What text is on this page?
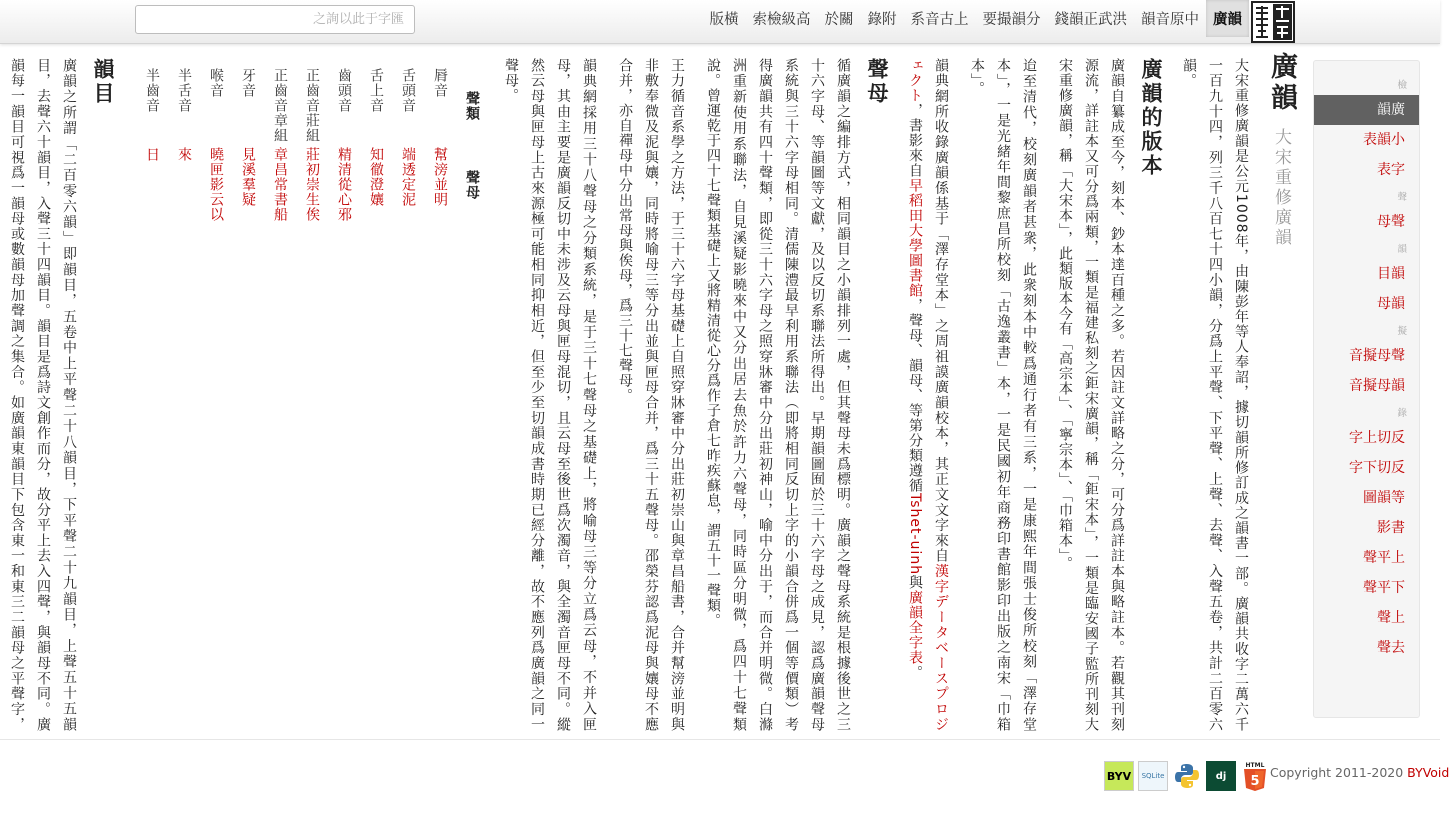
之詢以此于字匯
廣韻
韻音原中
錢韻正武洪
要撮韻分
系音古上
錄附
於關
索檢級高
版橫
檢
韻廣
表韻小
表字
聲
母聲
韻
目韻
母韻
擬
音擬母聲
音擬母韻
錄
字上切反
字下切反
圖韻等
影書
聲平上
聲平下
聲上
聲去
廣韻大宋重修廣韻

大宋重修廣韻是公元1008年，由陳彭年等人奉詔，據切韻所修訂成之韻書一部。廣韻共收字二萬六千一百九十四，列三千八百七十四小韻，分爲上平聲、下平聲、上聲、去聲、入聲五卷，共計二百零六韻。

廣韻的版本

廣韻自纂成至今，刻本、鈔本達百種之多。若因註文詳略之分，可分爲詳註本與略註本。若觀其刊刻源流，詳註本又可分爲兩類，一類是福建私刻之鉅宋廣韻，稱「鉅宋本」，一類是臨安國子監所刊刻大宋重修廣韻，稱「大宋本」，此類版本今有「高宗本」、「寧宗本」、「巾箱本」。

迨至清代，校刻廣韻者甚衆，此衆刻本中較爲通行者有三系，一是康熙年間張士俊所校刻「澤存堂本」，一是光緒年間黎庶昌所校刻「古逸叢書」本，一是民國初年商務印書館影印出版之南宋「巾箱本」。

韻典網所收錄廣韻係基于「澤存堂本」之周祖謨廣韻校本，其正文文字來自漢字データベースプロジェクト，書影來自早稻田大學圖書館，聲母、韻母、等第分類遵循Tshet-uinh與廣韻全字表。

聲母

循廣韻之編排方式，相同韻目之小韻排列一處，但其聲母未爲標明。廣韻之聲母系統是根據後世之三十六字母、等韻圖等文獻，及以反切系聯法所得出。早期韻圖囿於三十六字母之成見，認爲廣韻聲母系統與三十六字母相同。清儒陳澧最早利用系聯法（即將相同反切上字的小韻合併爲一個等價類）考得廣韻共有四十聲類，即從三十六字母之照穿牀審中分出莊初神山，喻中分出于，而合并明微。白滌洲重新使用系聯法，自見溪疑影曉來中又分出居去魚於許力六聲母，同時區分明微，爲四十七聲類說。曾運乾于四十七聲類基礎上又將精清從心分爲作子倉七昨疾蘇息，謂五十一聲類。

王力循音系學之方法，于三十六字母基礎上自照穿牀審中分出莊初崇山與章昌船書，合并幫滂並明與非敷奉微及泥與孃，同時將喻母三等分出並與匣母合并，爲三十五聲母。邵榮芬認爲泥母與孃母不應合并，亦自禪母中分出常母與俟母，爲三十七聲母。

韻典網採用三十八聲母之分類系統，是于三十七聲母之基礎上，將喻母三等分立爲云母，不并入匣母，其由主要是廣韻反切中未涉及云母與匣母混切，且云母至後世爲次濁音，與全濁音匣母不同。縱然云母與匣母上古來源極可能相同抑相近，但至少至切韻成書時期已經分離，故不應列爲廣韻之同一聲母。

聲類	聲母
脣音	幫滂並明
舌頭音	端透定泥
舌上音	知徹澄孃
齒頭音	精清從心邪
正齒音莊組	莊初崇生俟
正齒音章組	章昌常書船
牙音	見溪羣疑
喉音	曉匣影云以
半舌音	來
半齒音	日
韻目

廣韻之所謂「二百零六韻」即韻目，五卷中上平聲二十八韻目，下平聲二十九韻目，上聲五十五韻目，去聲六十韻目，入聲三十四韻目。韻目是爲詩文創作而分，故分平上去入四聲，與韻母不同。廣韻每一韻目可視爲一韻母或數韻母加聲調之集合。如廣韻東韻目下包含東一和東三二韻母之平聲字，

BYV	SQLite	dj
HTML
5
Copyright 2011-2020 BYVoid
